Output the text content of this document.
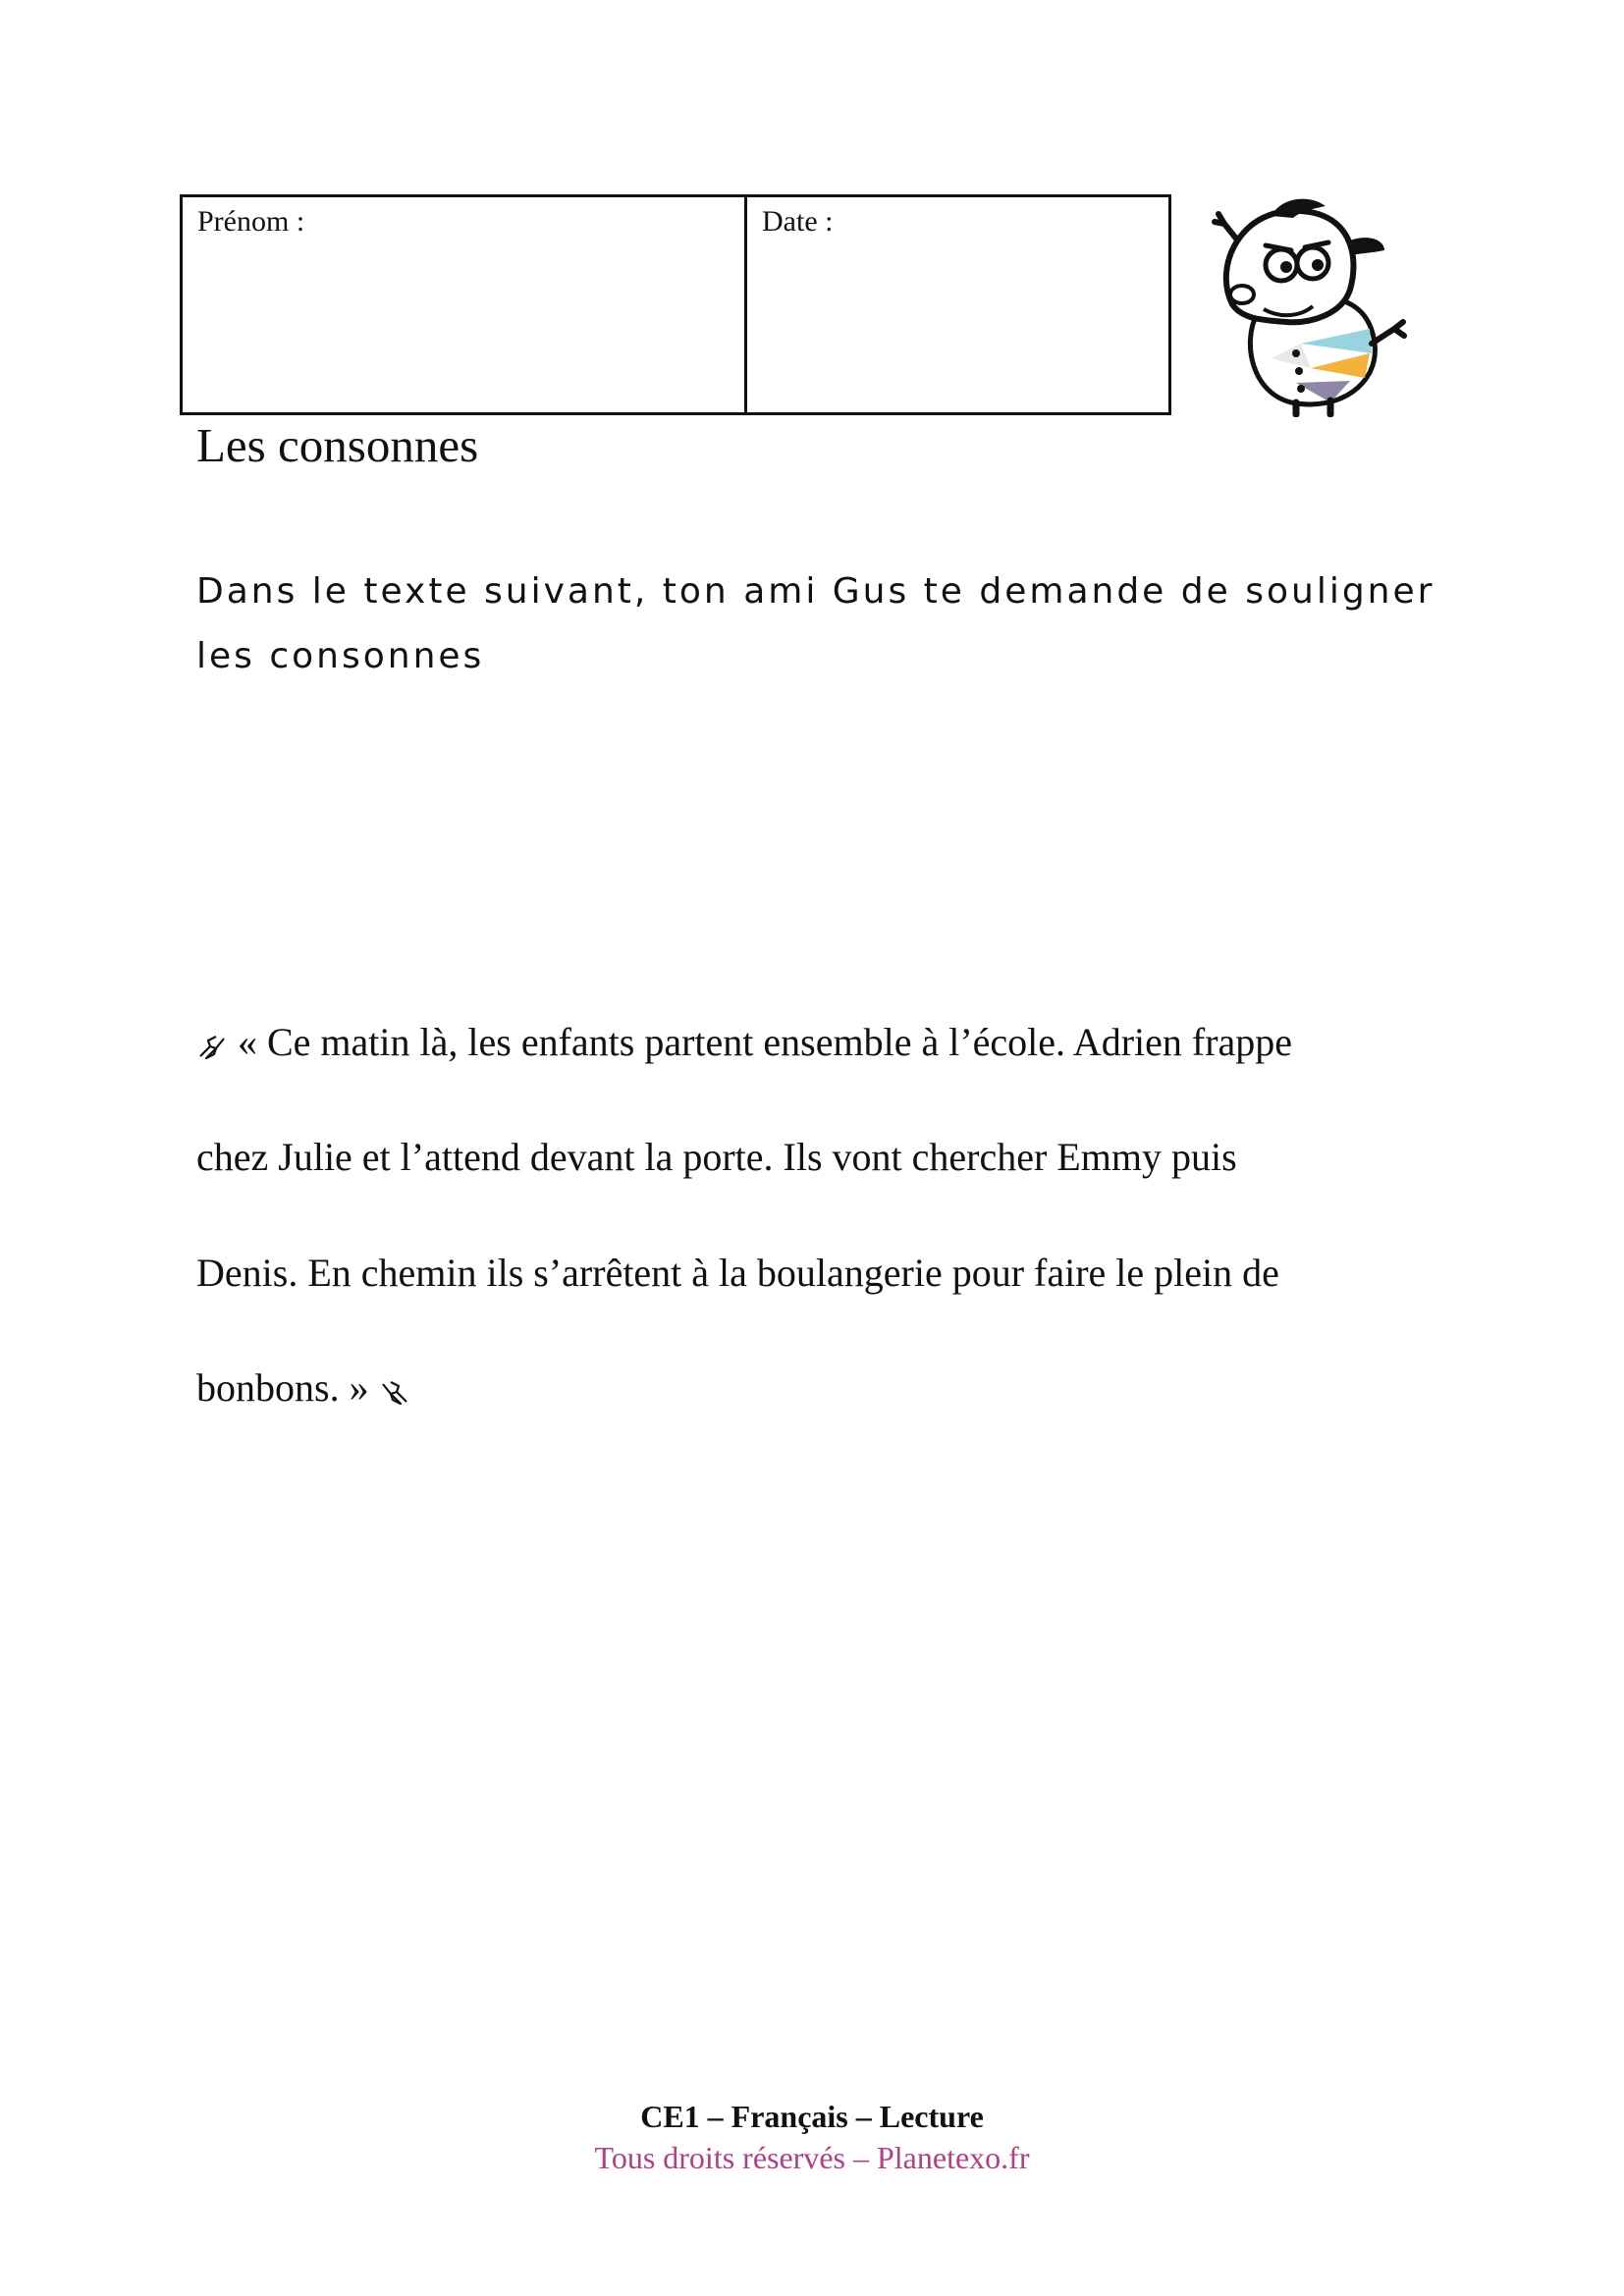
Prénom :	Date :
Les consonnes

Dans le texte suivant, ton ami Gus te demande de souligner les consonnes

« Ce matin là, les enfants partent ensemble à l’école. Adrien frappe
chez Julie et l’attend devant la porte. Ils vont chercher Emmy puis
Denis. En chemin ils s’arrêtent à la boulangerie pour faire le plein de
bonbons. »
CE1 – Français – Lecture
Tous droits réservés – Planetexo.fr
